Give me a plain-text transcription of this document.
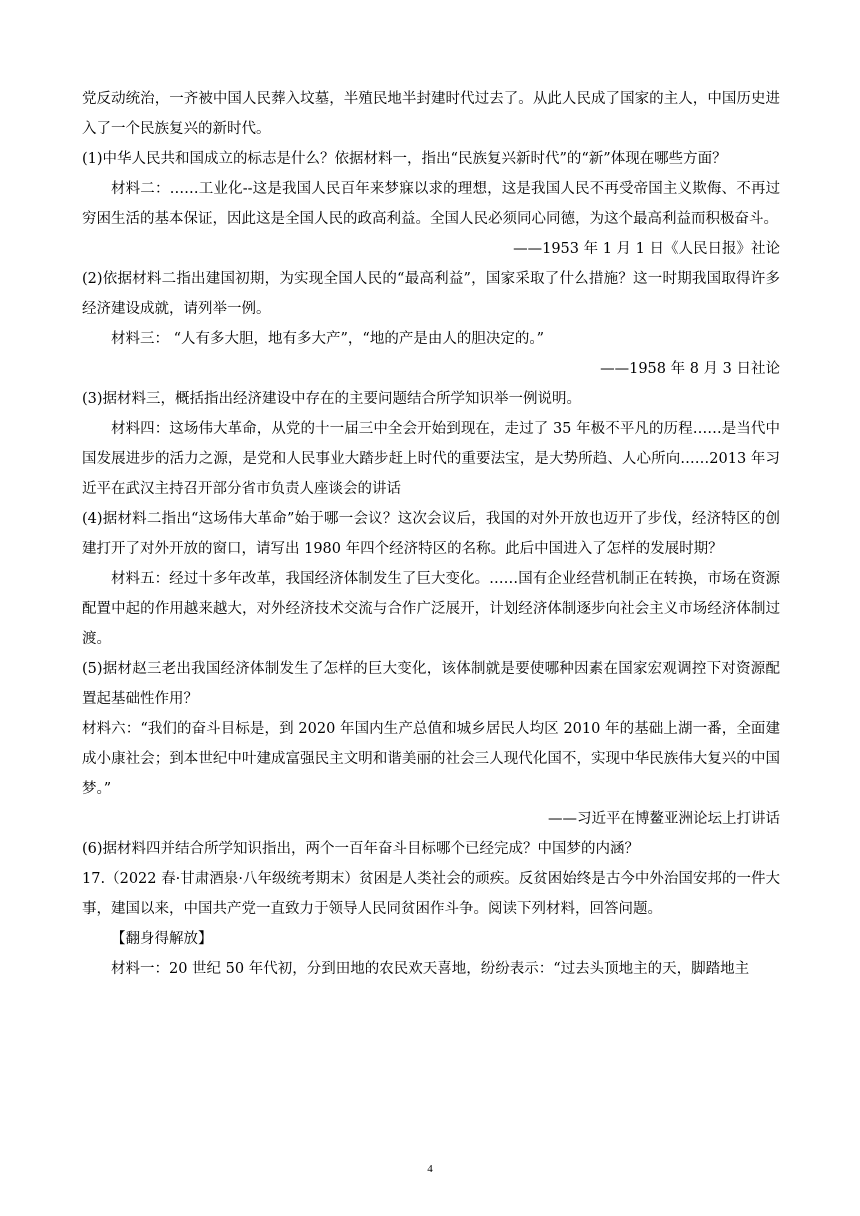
党反动统治，一齐被中国人民葬入坟墓，半殖民地半封建时代过去了。从此人民成了国家的主人，中国历史进入了一个民族复兴的新时代。

(1)中华人民共和国成立的标志是什么？依据材料一，指出“民族复兴新时代”的“新”体现在哪些方面？

材料二：……工业化--这是我国人民百年来梦寐以求的理想，这是我国人民不再受帝国主义欺侮、不再过穷困生活的基本保证，因此这是全国人民的政高利益。全国人民必须同心同德，为这个最高利益而积极奋斗。

——1953 年 1 月 1 日《人民日报》社论

(2)依据材料二指出建国初期，为实现全国人民的“最高利益”，国家采取了什么措施？这一时期我国取得许多经济建设成就，请列举一例。

材料三： “人有多大胆，地有多大产”，“地的产是由人的胆决定的。”

——1958 年 8 月 3 日社论

(3)据材料三，概括指出经济建设中存在的主要问题结合所学知识举一例说明。

材料四：这场伟大革命，从党的十一届三中全会开始到现在，走过了 35 年极不平凡的历程……是当代中国发展进步的活力之源，是党和人民事业大踏步赶上时代的重要法宝，是大势所趋、人心所向……2013 年习近平在武汉主持召开部分省市负责人座谈会的讲话

(4)据材料二指出“这场伟大革命”始于哪一会议？这次会议后，我国的对外开放也迈开了步伐，经济特区的创建打开了对外开放的窗口，请写出 1980 年四个经济特区的名称。此后中国进入了怎样的发展时期？

材料五：经过十多年改革，我国经济体制发生了巨大变化。……国有企业经营机制正在转换，市场在资源配置中起的作用越来越大，对外经济技术交流与合作广泛展开，计划经济体制逐步向社会主义市场经济体制过渡。

(5)据材赵三老出我国经济体制发生了怎样的巨大变化，该体制就是要使哪种因素在国家宏观调控下对资源配置起基础性作用？

材料六：“我们的奋斗目标是，到 2020 年国内生产总值和城乡居民人均区 2010 年的基础上湖一番，全面建成小康社会；到本世纪中叶建成富强民主文明和谐美丽的社会三人现代化国不，实现中华民族伟大复兴的中国梦。”

——习近平在博鳌亚洲论坛上打讲话

(6)据材料四并结合所学知识指出，两个一百年奋斗目标哪个已经完成？中国梦的内涵？

17.（2022 春·甘肃酒泉·八年级统考期末）贫困是人类社会的顽疾。反贫困始终是古今中外治国安邦的一件大事，建国以来，中国共产党一直致力于领导人民同贫困作斗争。阅读下列材料，回答问题。

【翻身得解放】

材料一：20 世纪 50 年代初，分到田地的农民欢天喜地，纷纷表示：“过去头顶地主的天，脚踏地主

4
